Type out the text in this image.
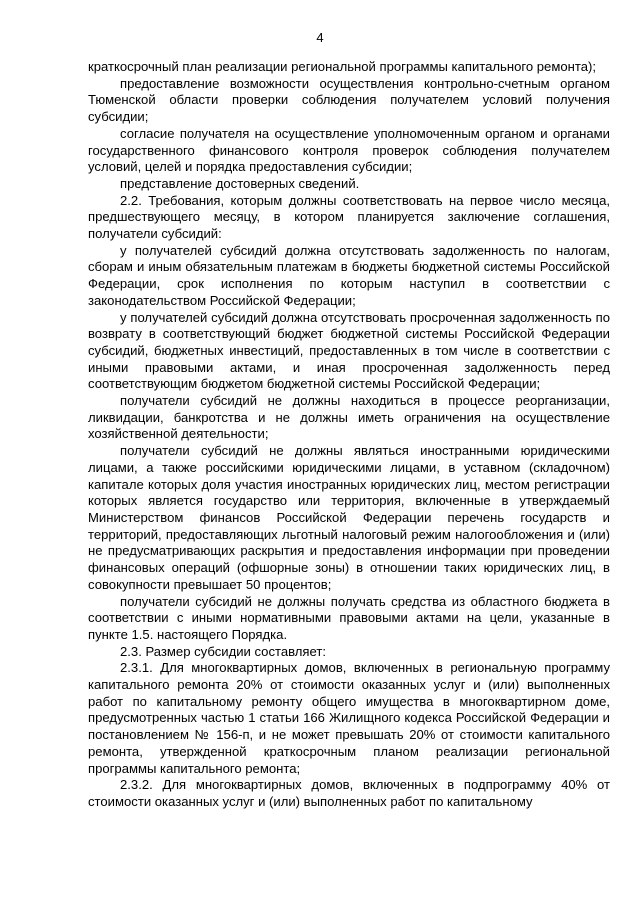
4

краткосрочный план реализации региональной программы капитального ремонта);

предоставление возможности осуществления контрольно-счетным органом Тюменской области проверки соблюдения получателем условий получения субсидии;

согласие получателя на осуществление уполномоченным органом и органами государственного финансового контроля проверок соблюдения получателем условий, целей и порядка предоставления субсидии;

представление достоверных сведений.

2.2. Требования, которым должны соответствовать на первое число месяца, предшествующего месяцу, в котором планируется заключение соглашения, получатели субсидий:

у получателей субсидий должна отсутствовать задолженность по налогам, сборам и иным обязательным платежам в бюджеты бюджетной системы Российской Федерации, срок исполнения по которым наступил в соответствии с законодательством Российской Федерации;

у получателей субсидий должна отсутствовать просроченная задолженность по возврату в соответствующий бюджет бюджетной системы Российской Федерации субсидий, бюджетных инвестиций, предоставленных в том числе в соответствии с иными правовыми актами, и иная просроченная задолженность перед соответствующим бюджетом бюджетной системы Российской Федерации;

получатели субсидий не должны находиться в процессе реорганизации, ликвидации, банкротства и не должны иметь ограничения на осуществление хозяйственной деятельности;

получатели субсидий не должны являться иностранными юридическими лицами, а также российскими юридическими лицами, в уставном (складочном) капитале которых доля участия иностранных юридических лиц, местом регистрации которых является государство или территория, включенные в утверждаемый Министерством финансов Российской Федерации перечень государств и территорий, предоставляющих льготный налоговый режим налогообложения и (или) не предусматривающих раскрытия и предоставления информации при проведении финансовых операций (офшорные зоны) в отношении таких юридических лиц, в совокупности превышает 50 процентов;

получатели субсидий не должны получать средства из областного бюджета в соответствии с иными нормативными правовыми актами на цели, указанные в пункте 1.5. настоящего Порядка.

2.3. Размер субсидии составляет:

2.3.1. Для многоквартирных домов, включенных в региональную программу капитального ремонта 20% от стоимости оказанных услуг и (или) выполненных работ по капитальному ремонту общего имущества в многоквартирном доме, предусмотренных частью 1 статьи 166 Жилищного кодекса Российской Федерации и постановлением № 156-п, и не может превышать 20% от стоимости капитального ремонта, утвержденной краткосрочным планом реализации региональной программы капитального ремонта;

2.3.2. Для многоквартирных домов, включенных в подпрограмму 40% от стоимости оказанных услуг и (или) выполненных работ по капитальному
